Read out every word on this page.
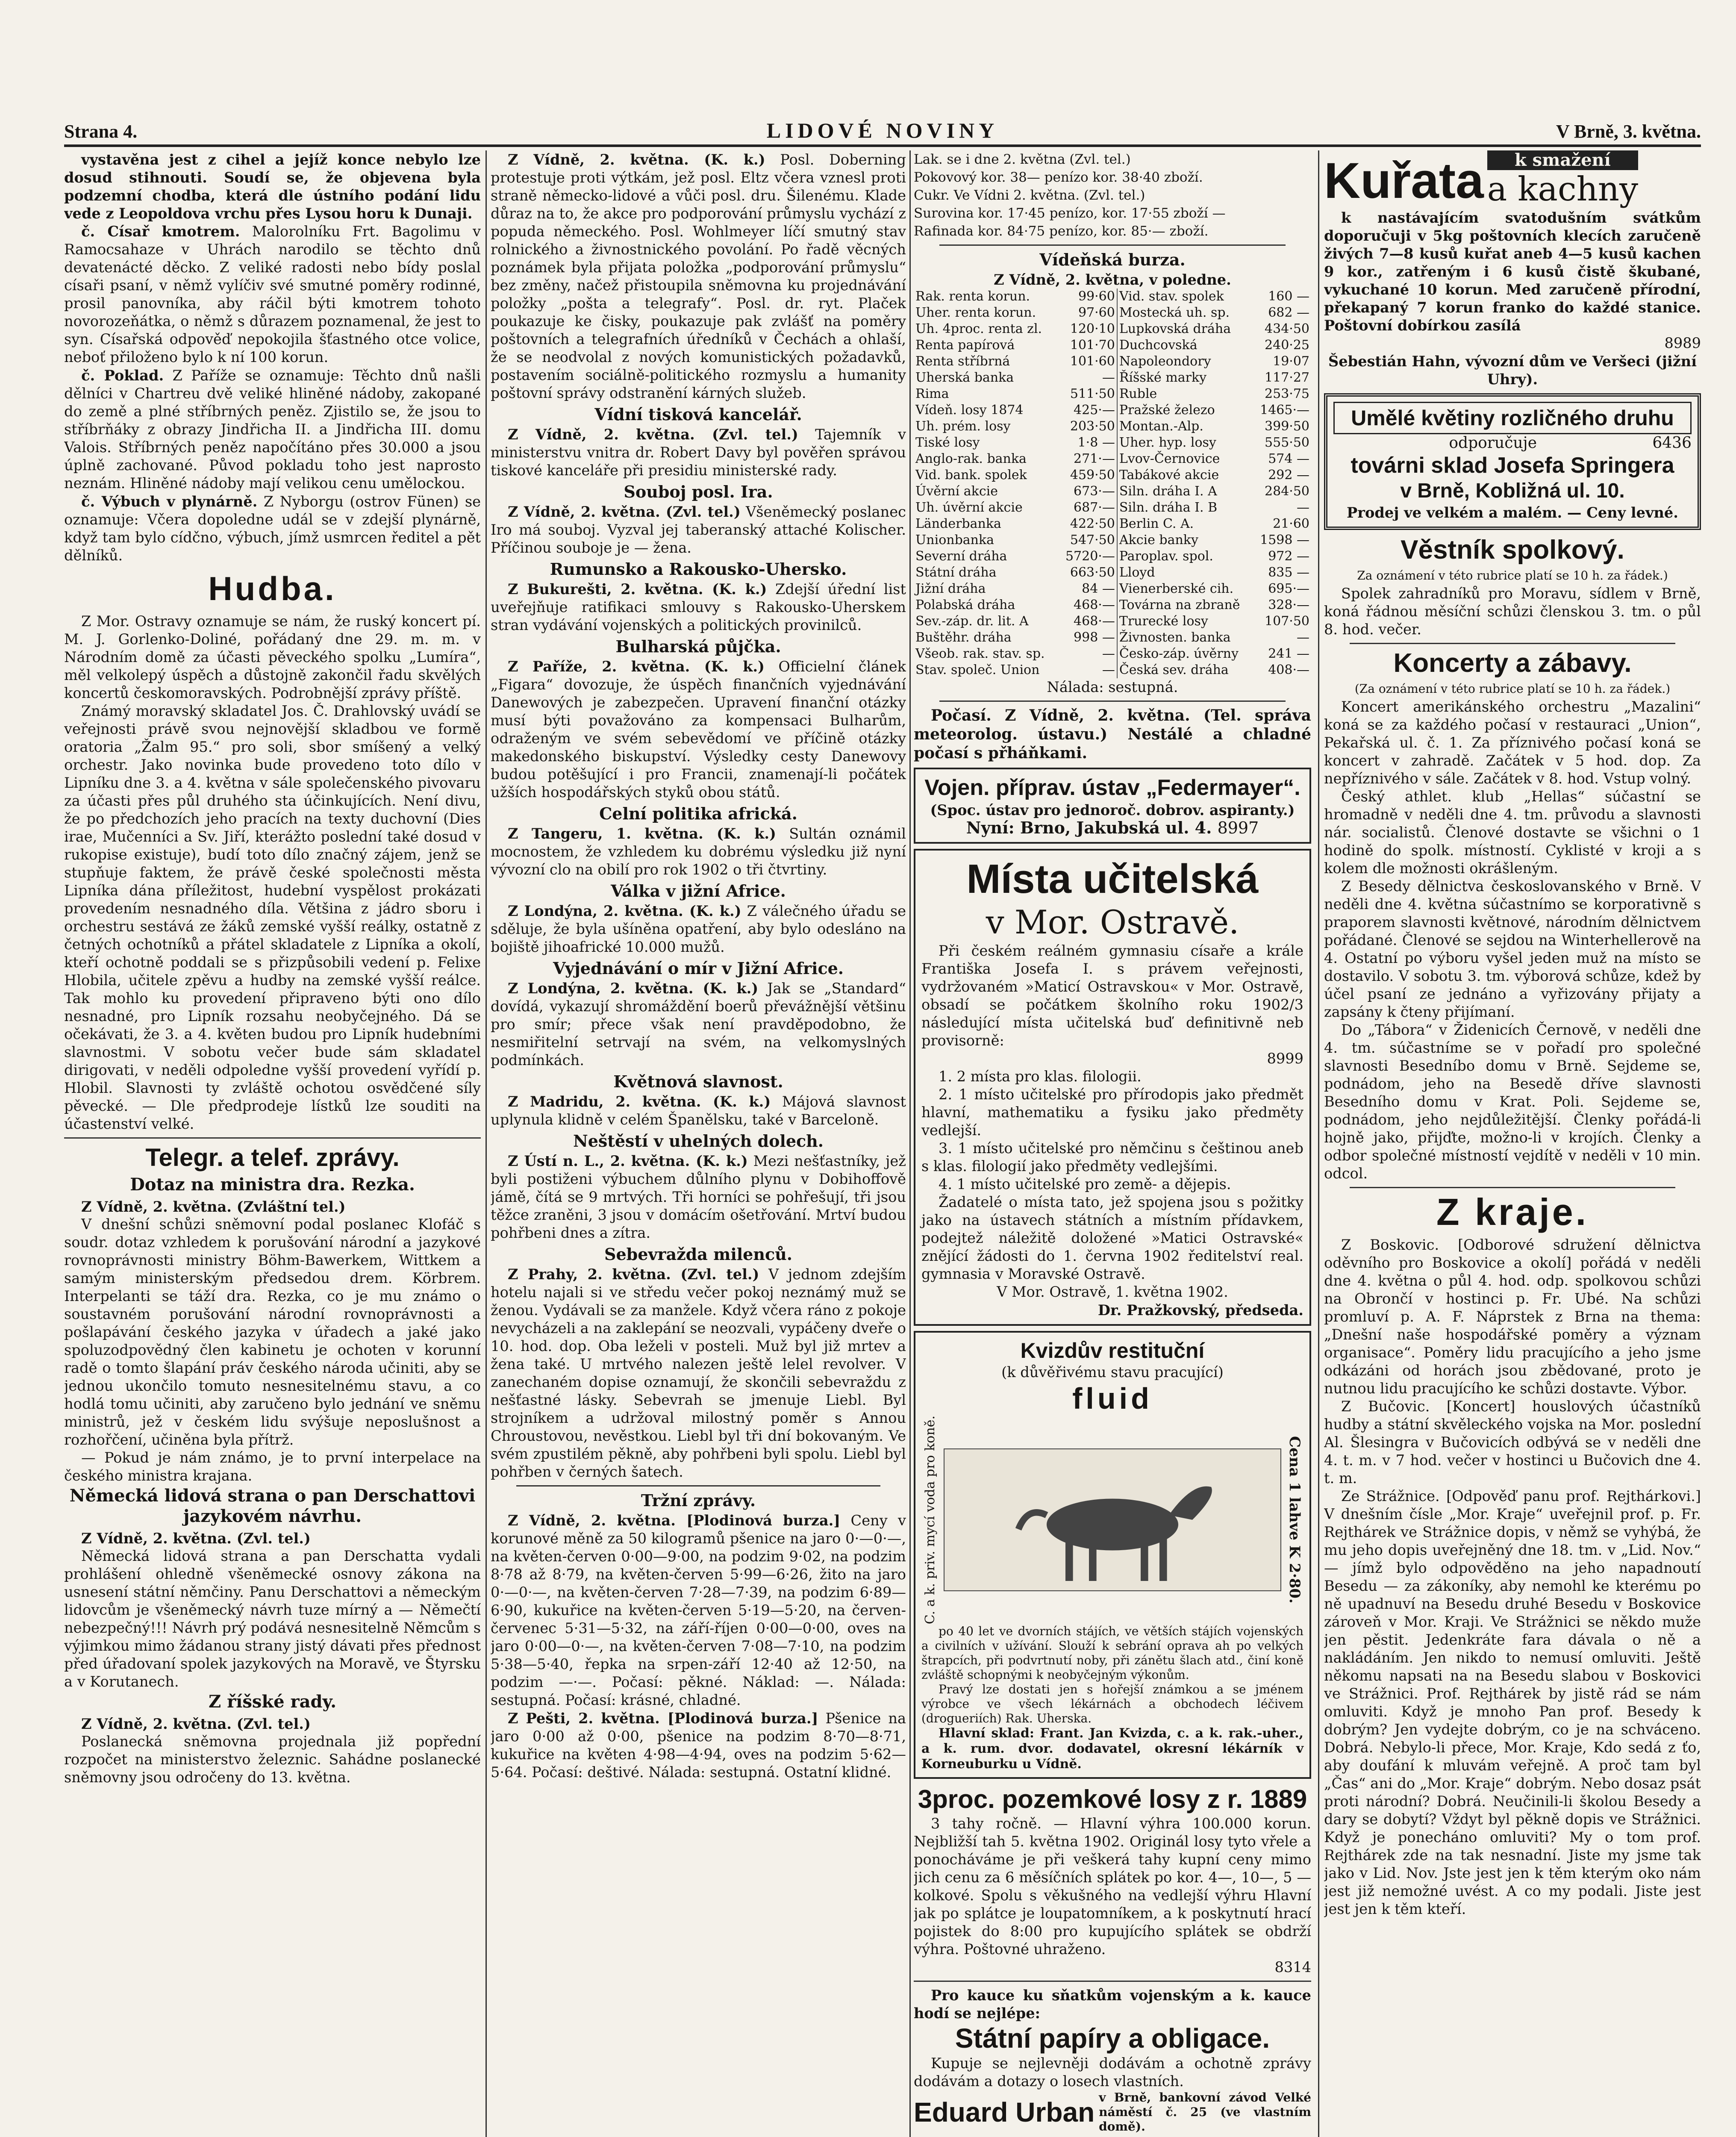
Strana 4.	LIDOVÉ NOVINY	V Brně, 3. května.

vystavěna jest z cihel a jejíž konce nebylo lze dosud stihnouti. Soudí se, že objevena byla podzemní chodba, která dle ústního podání lidu vede z Leopoldova vrchu přes Lysou horu k Dunaji.

č. Císař kmotrem. Malorolníku Frt. Bagolimu v Ramocsahaze v Uhrách narodilo se těchto dnů devatenácté děcko. Z veliké radosti nebo bídy poslal císaři psaní, v němž vylíčiv své smutné poměry rodinné, prosil panovníka, aby ráčil býti kmotrem tohoto novorozeňátka, o němž s důrazem poznamenal, že jest to syn. Císařská odpověď nepokojila šťastného otce volice, neboť přiloženo bylo k ní 100 korun.

č. Poklad. Z Paříže se oznamuje: Těchto dnů našli dělníci v Chartreu dvě veliké hliněné nádoby, zakopané do země a plné stříbrných peněz. Zjistilo se, že jsou to stříbrňáky z obrazy Jindřicha II. a Jindřicha III. domu Valois. Stříbrných peněz napočítáno přes 30.000 a jsou úplně zachované. Původ pokladu toho jest naprosto neznám. Hliněné nádoby mají velikou cenu umělockou.

č. Výbuch v plynárně. Z Nyborgu (ostrov Fünen) se oznamuje: Včera dopoledne udál se v zdejší plynárně, když tam bylo cídčno, výbuch, jímž usmrcen ředitel a pět dělníků.

Hudba.

Z Mor. Ostravy oznamuje se nám, že ruský koncert pí. M. J. Gorlenko-Doliné, pořádaný dne 29. m. m. v Národním domě za účasti pěveckého spolku „Lumíra“, měl velkolepý úspěch a důstojně zakončil řadu skvělých koncertů českomoravských. Podrobnější zprávy příště.

Známý moravský skladatel Jos. Č. Drahlovský uvádí se veřejnosti právě svou nejnovější skladbou ve formě oratoria „Žalm 95.“ pro soli, sbor smíšený a velký orchestr. Jako novinka bude provedeno toto dílo v Lipníku dne 3. a 4. května v sále společenského pivovaru za účasti přes půl druhého sta účinkujících. Není divu, že po předchozích jeho pracích na texty duchovní (Dies irae, Mučenníci a Sv. Jiří, kterážto poslední také dosud v rukopise existuje), budí toto dílo značný zájem, jenž se stupňuje faktem, že právě české společnosti města Lipníka dána příležitost, hudební vyspělost prokázati provedením nesnadného díla. Většina z jádro sboru i orchestru sestává ze žáků zemské vyšší reálky, ostatně z četných ochotníků a přátel skladatele z Lipníka a okolí, kteří ochotně poddali se s přizpůsobili vedení p. Felixe Hlobila, učitele zpěvu a hudby na zemské vyšší reálce. Tak mohlo ku provedení připraveno býti ono dílo nesnadné, pro Lipník rozsahu neobyčejného. Dá se očekávati, že 3. a 4. květen budou pro Lipník hudebními slavnostmi. V sobotu večer bude sám skladatel dirigovati, v neděli odpoledne vyšší provedení vyřídí p. Hlobil. Slavnosti ty zvláště ochotou osvědčené síly pěvecké. — Dle předprodeje lístků lze souditi na účastenství velké.

Telegr. a telef. zprávy.
Dotaz na ministra dra. Rezka.

Z Vídně, 2. května. (Zvláštní tel.)

V dnešní schůzi sněmovní podal poslanec Klofáč s soudr. dotaz vzhledem k porušování národní a jazykové rovnoprávnosti ministry Böhm-Bawerkem, Wittkem a samým ministerským předsedou drem. Körbrem. Interpelanti se táží dra. Rezka, co je mu známo o soustavném porušování národní rovnoprávnosti a pošlapávání českého jazyka v úřadech a jaké jako spoluzodpovědný člen kabinetu je ochoten v korunní radě o tomto šlapání práv českého národa učiniti, aby se jednou ukončilo tomuto nesnesitelnému stavu, a co hodlá tomu učiniti, aby zaručeno bylo jednání ve sněmu ministrů, jež v českém lidu svýšuje neposlušnost a rozhořčení, učiněna byla přítrž.

— Pokud je nám známo, je to první interpelace na českého ministra krajana.

Německá lidová strana o pan Derschattovi jazykovém návrhu.

Z Vídně, 2. května. (Zvl. tel.)

Německá lidová strana a pan Derschatta vydali prohlášení ohledně všeněmecké osnovy zákona na usnesení státní němčiny. Panu Derschattovi a německým lidovcům je všeněmecký návrh tuze mírný a — Němečtí nebezpečný!!! Návrh prý podává nesnesitelně Němcům s výjimkou mimo žádanou strany jistý dávati přes přednost před úřadovaní spolek jazykových na Moravě, ve Štyrsku a v Korutanech.

Z říšské rady.

Z Vídně, 2. května. (Zvl. tel.)

Poslanecká sněmovna projednala již popřední rozpočet na ministerstvo železnic. Sahádne poslanecké sněmovny jsou odročeny do 13. května.

Z Vídně, 2. května. (K. k.) Posl. Doberning protestuje proti výtkám, jež posl. Eltz včera vznesl proti straně německo-lidové a vůči posl. dru. Šilenému. Klade důraz na to, že akce pro podporování průmyslu vychází z popuda německého. Posl. Wohlmeyer líčí smutný stav rolnického a živnostnického povolání. Po řadě věcných poznámek byla přijata položka „podporování průmyslu“ bez změny, načež přistoupila sněmovna ku projednávání položky „pošta a telegrafy“. Posl. dr. ryt. Plaček poukazuje ke čisky, poukazuje pak zvlášť na poměry poštovních a telegrafních úředníků v Čechách a ohlaší, že se neodvolal z nových komunistických požadavků, postavením sociálně-politického rozmyslu a humanity poštovní správy odstranění kárných služeb.

Vídní tisková kancelář.

Z Vídně, 2. května. (Zvl. tel.) Tajemník v ministerstvu vnitra dr. Robert Davy byl pověřen správou tiskové kanceláře při presidiu ministerské rady.

Souboj posl. Ira.

Z Vídně, 2. května. (Zvl. tel.) Všeněmecký poslanec Iro má souboj. Vyzval jej taberanský attaché Kolischer. Příčinou souboje je — žena.

Rumunsko a Rakousko-Uhersko.

Z Bukurešti, 2. května. (K. k.) Zdejší úřední list uveřejňuje ratifikaci smlouvy s Rakousko-Uherskem stran vydávání vojenských a politických provinilců.

Bulharská půjčka.

Z Paříže, 2. května. (K. k.) Officielní článek „Figara“ dovozuje, že úspěch finančních vyjednávání Danewových je zabezpečen. Upravení finanční otázky musí býti považováno za kompensaci Bulharům, odraženým ve svém sebevědomí ve příčině otázky makedonského biskupství. Výsledky cesty Danewovy budou potěšující i pro Francii, znamenají-li počátek užších hospodářských styků obou států.

Celní politika africká.

Z Tangeru, 1. května. (K. k.) Sultán oznámil mocnostem, že vzhledem ku dobrému výsledku již nyní vývozní clo na obilí pro rok 1902 o tři čtvrtiny.

Válka v jižní Africe.

Z Londýna, 2. května. (K. k.) Z válečného úřadu se sděluje, že byla ušíněna opatření, aby bylo odesláno na bojiště jihoafrické 10.000 mužů.

Vyjednávání o mír v Jižní Africe.

Z Londýna, 2. května. (K. k.) Jak se „Standard“ dovídá, vykazují shromáždění boerů převážnější většinu pro smír; přece však není pravděpodobno, že nesmiřitelní setrvají na svém, na velkomyslných podmínkách.

Květnová slavnost.

Z Madridu, 2. května. (K. k.) Májová slavnost uplynula klidně v celém Španělsku, také v Barceloně.

Neštěstí v uhelných dolech.

Z Ústí n. L., 2. května. (K. k.) Mezi nešťastníky, jež byli postiženi výbuchem důlního plynu v Dobihoffově jámě, čítá se 9 mrtvých. Tři horníci se pohřešují, tři jsou těžce zraněni, 3 jsou v domácím ošetřování. Mrtví budou pohřbeni dnes a zítra.

Sebevražda milenců.

Z Prahy, 2. května. (Zvl. tel.) V jednom zdejším hotelu najali si ve středu večer pokoj neznámý muž se ženou. Vydávali se za manžele. Když včera ráno z pokoje nevycházeli a na zaklepání se neozvali, vypáčeny dveře o 10. hod. dop. Oba leželi v posteli. Muž byl již mrtev a žena také. U mrtvého nalezen ještě lelel revolver. V zanechaném dopise oznamují, že skončili sebevraždu z nešťastné lásky. Sebevrah se jmenuje Liebl. Byl strojníkem a udržoval milostný poměr s Annou Chroustovou, nevěstkou. Liebl byl tři dní bokovaným. Ve svém zpustilém pěkně, aby pohřbeni byli spolu. Liebl byl pohřben v černých šatech.

Tržní zprávy.

Z Vídně, 2. května. [Plodinová burza.] Ceny v korunové měně za 50 kilogramů pšenice na jaro 0·—0·—, na květen-červen 0·00—9·00, na podzim 9·02, na podzim 8·78 až 8·79, na květen-červen 5·99—6·26, žito na jaro 0·—0·—, na květen-červen 7·28—7·39, na podzim 6·89—6·90, kukuřice na květen-červen 5·19—5·20, na červen-červenec 5·31—5·32, na září-říjen 0·00—0·00, oves na jaro 0·00—0·—, na květen-červen 7·08—7·10, na podzim 5·38—5·40, řepka na srpen-září 12·40 až 12·50, na podzim —·—. Počasí: pěkné. Náklad: —. Nálada: sestupná. Počasí: krásné, chladné.

Z Pešti, 2. května. [Plodinová burza.] Pšenice na jaro 0·00 až 0·00, pšenice na podzim 8·70—8·71, kukuřice na květen 4·98—4·94, oves na podzim 5·62—5·64. Počasí: deštivé. Nálada: sestupná. Ostatní klidné.

Lak. se i dne 2. května (Zvl. tel.)
Pokovový kor. 38— penízo kor. 38·40 zboží.
Cukr. Ve Vídni 2. května. (Zvl. tel.)
Surovina kor. 17·45 penízo, kor. 17·55 zboží —
Rafinada kor. 84·75 penízo, kor. 85·— zboží.
Vídeňská burza.
Z Vídně, 2. května, v poledne.
Rak. renta korun.	99·60	Vid. stav. spolek	160 —
Uher. renta korun.	97·60	Mostecká uh. sp.	682 —
Uh. 4proc. renta zl.	120·10	Lupkovská dráha	434·50
Renta papírová	101·70	Duchcovská	240·25
Renta stříbrná	101·60	Napoleondory	19·07
Uherská banka	—	Říšské marky	117·27
Rima	511·50	Ruble	253·75
Vídeň. losy 1874	425·—	Pražské železo	1465·—
Uh. prém. losy	203·50	Montan.-Alp.	399·50
Tiské losy	1·8 —	Uher. hyp. losy	555·50
Anglo-rak. banka	271·—	Lvov-Černovice	574 —
Vid. bank. spolek	459·50	Tabákové akcie	292 —
Úvěrní akcie	673·—	Siln. dráha I. A	284·50
Uh. úvěrní akcie	687·—	Siln. dráha I. B	—
Länderbanka	422·50	Berlin C. A.	21·60
Unionbanka	547·50	Akcie banky	1598 —
Severní dráha	5720·—	Paroplav. spol.	972 —
Státní dráha	663·50	Lloyd	835 —
Jižní dráha	84 —	Vienerberské cih.	695·—
Polabská dráha	468·—	Továrna na zbraně	328·—
Sev.-záp. dr. lit. A	468·—	Trurecké losy	107·50
Buštěhr. dráha	998 —	Živnosten. banka	—
Všeob. rak. stav. sp.	—	Česko-záp. úvěrny	241 —
Stav. společ. Union	—	Česká sev. dráha	408·—
Nálada: sestupná.

Počasí. Z Vídně, 2. května. (Tel. správa meteorolog. ústavu.) Nestálé a chladné počasí s přháňkami.

Vojen. příprav. ústav „Federmayer“.
(Spoc. ústav pro jednoroč. dobrov. aspiranty.)
Nyní: Brno, Jakubská ul. 4. 8997
Místa učitelská
v Mor. Ostravě.

Při českém reálném gymnasiu císaře a krále Františka Josefa I. s právem veřejnosti, vydržovaném »Maticí Ostravskou« v Mor. Ostravě, obsadí se počátkem školního roku 1902/3 následující místa učitelská buď definitivně neb provisorně:

8999

1. 2 místa pro klas. filologii.

2. 1 místo učitelské pro přírodopis jako předmět hlavní, mathematiku a fysiku jako předměty vedlejší.

3. 1 místo učitelské pro němčinu s češtinou aneb s klas. filologií jako předměty vedlejšími.

4. 1 místo učitelské pro země- a dějepis.

Žadatelé o místa tato, jež spojena jsou s požitky jako na ústavech státních a místním přídavkem, podejtež náležitě doložené »Matici Ostravské« znějící žádosti do 1. června 1902 ředitelství real. gymnasia v Moravské Ostravě.

V Mor. Ostravě, 1. května 1902.
Dr. Pražkovský, předseda.
Kvizdův restituční
(k důvěřivému stavu pracující)
fluid
C. a k. priv. mycí voda pro koně.	Cena 1 lahve K 2·80.

po 40 let ve dvorních stájích, ve větších stájích vojenských a civilních v užívání. Slouží k sebrání oprava ah po velkých štrapcích, při podvrtnutí noby, při zánětu šlach atd., činí koně zvláště schopnými k neobyčejným výkonům.

Pravý lze dostati jen s hořejší známkou a se jménem výrobce ve všech lékárnách a obchodech léčivem (drogueriích) Rak. Uherska.

Hlavní sklad: Frant. Jan Kvizda, c. a k. rak.-uher., a k. rum. dvor. dodavatel, okresní lékárník v Korneuburku u Vídně.

3proc. pozemkové losy z r. 1889

3 tahy ročně. — Hlavní výhra 100.000 korun. Nejbližší tah 5. května 1902. Originál losy tyto vřele a ponocháváme je při veškerá tahy kupní ceny mimo jich cenu za 6 měsíčních splátek po kor. 4—, 10—, 5 — kolkové. Spolu s věkušného na vedlejší výhru Hlavní jak po splátce je loupatomníkem, a k poskytnutí hrací pojistek do 8:00 pro kupujícího splátek se obdrží výhra. Poštovné uhraženo.

8314

Pro kauce ku sňatkům vojenským a k. kauce hodí se nejlépe:

Státní papíry a obligace.

Kupuje se nejlevněji dodávám a ochotně zprávy dodávám a dotazy o losech vlastních.

Eduard Urban v Brně, bankovní závod Velké náměstí č. 25 (ve vlastním domě).
Kuřata	k smažení
a kachny

k nastávajícím svatodušním svátkům doporučuji v 5kg poštovních klecích zaručeně živých 7—8 kusů kuřat aneb 4—5 kusů kachen 9 kor., zatřeným i 6 kusů čistě škubané, vykuchané 10 korun. Med zaručeně přírodní, překapaný 7 korun franko do každé stanice. Poštovní dobírkou zasílá

8989
Šebestián Hahn, vývozní dům ve Veršeci (jižní Uhry).
Umělé květiny rozličného druhu
odporučuje	6436
továrni sklad Josefa Springera
v Brně, Kobližná ul. 10.
Prodej ve velkém a malém. — Ceny levné.
Věstník spolkový.
Za oznámení v této rubrice platí se 10 h. za řádek.)

Spolek zahradníků pro Moravu, sídlem v Brně, koná řádnou měsíční schůzi členskou 3. tm. o půl 8. hod. večer.

Koncerty a zábavy.
(Za oznámení v této rubrice platí se 10 h. za řádek.)

Koncert amerikánského orchestru „Mazalini“ koná se za každého počasí v restauraci „Union“, Pekařská ul. č. 1. Za příznivého počasí koná se koncert v zahradě. Začátek v 5 hod. dop. Za nepříznivého v sále. Začátek v 8. hod. Vstup volný.

Český athlet. klub „Hellas“ súčastní se hromadně v neděli dne 4. tm. průvodu a slavnosti nár. socialistů. Členové dostavte se všichni o 1 hodině do spolk. místností. Cyklisté v kroji a s kolem dle možnosti okrášleným.

Z Besedy dělnictva českoslovanského v Brně. V neděli dne 4. května súčastnímo se korporativně s praporem slavnosti květnové, národním dělnictvem pořádané. Členové se sejdou na Winterhellerově na 4. Ostatní po výboru vyšel jeden muž na místo se dostavilo. V sobotu 3. tm. výborová schůze, kdež by účel psaní ze jednáno a vyřizovány přijaty a zapsány k čteny přijímaní.

Do „Tábora“ v Židenicích Černově, v neděli dne 4. tm. súčastníme se v pořadí pro společné slavnosti Besedníbo domu v Brně. Sejdeme se, podnádom, jeho na Besedě dříve slavnosti Besedního domu v Krat. Poli. Sejdeme se, podnádom, jeho nejdůležitější. Členky pořádá-li hojně jako, přijďte, možno-li v krojích. Členky a odbor společné místností vejdítě v neděli v 10 min. odcol.

Z kraje.

Z Boskovic. [Odborové sdružení dělnictva oděvního pro Boskovice a okolí] pořádá v neděli dne 4. května o půl 4. hod. odp. spolkovou schůzi na Obrončí v hostinci p. Fr. Ubé. Na schůzi promluví p. A. F. Náprstek z Brna na thema: „Dnešní naše hospodářské poměry a význam organisace“. Poměry lidu pracujícího a jeho jsme odkázáni od horách jsou zbědované, proto je nutnou lidu pracujícího ke schůzi dostavte. Výbor.

Z Bučovic. [Koncert] houslových účastníků hudby a státní skvěleckého vojska na Mor. poslední Al. Šlesingra v Bučovicích odbývá se v neděli dne 4. t. m. v 7 hod. večer v hostinci u Bučovich dne 4. t. m.

Ze Strážnice. [Odpověď panu prof. Rejthárkovi.] V dnešním čísle „Mor. Kraje“ uveřejnil prof. p. Fr. Rejthárek ve Strážnice dopis, v němž se vyhýbá, že mu jeho dopis uveřejněný dne 18. tm. v „Lid. Nov.“ — jímž bylo odpověděno na jeho napadnoutí Besedu — za zákoníky, aby nemohl ke kterému po ně upadnuví na Besedu druhé Besedu v Boskovice zároveň v Mor. Kraji. Ve Strážnici se někdo muže jen pěstit. Jedenkráte fara dávala o ně a nakládáním. Jen nikdo to nemusí omluviti. Ještě někomu napsati na na Besedu slabou v Boskovici ve Strážnici. Prof. Rejthárek by jistě rád se nám omluviti. Když je mnoho Pan prof. Besedy k dobrým? Jen vydejte dobrým, co je na schváceno. Dobrá. Nebylo-li přece, Mor. Kraje, Kdo sedá z ťo, aby doufání k mluvám veřejně. A proč tam byl „Čas“ ani do „Mor. Kraje“ dobrým. Nebo dosaz psát proti národní? Dobrá. Neučinili-li školou Besedy a dary se dobytí? Vždyt byl pěkně dopis ve Strážnici. Když je ponecháno omluviti? My o tom prof. Rejthárek zde na tak nesnadní. Jiste my jsme tak jako v Lid. Nov. Jste jest jen k těm kterým oko nám jest již nemožné uvést. A co my podali. Jiste jest jest jen k těm kteří.
